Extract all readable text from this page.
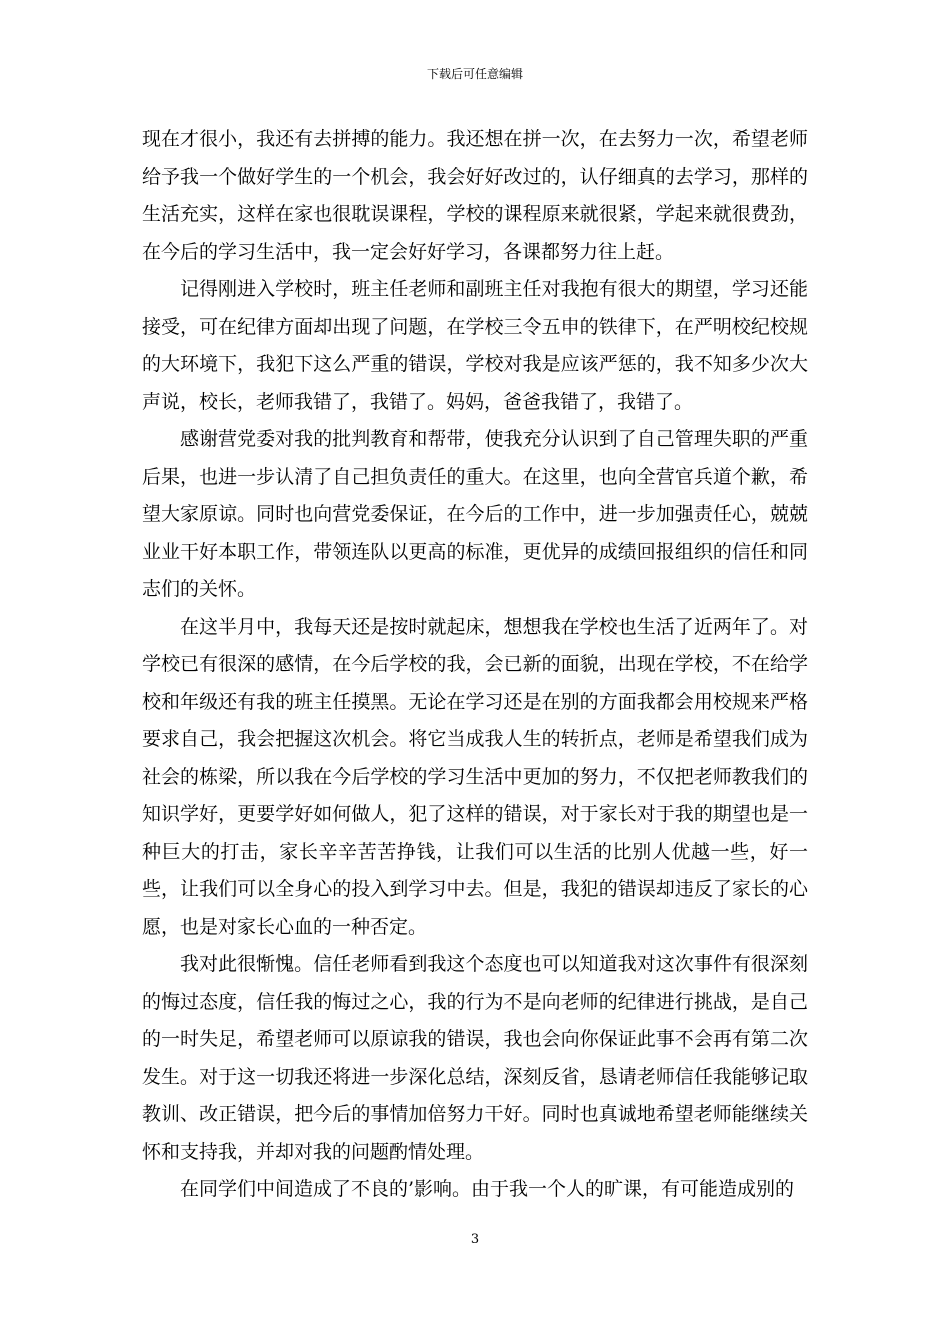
下载后可任意编辑

现在才很小，我还有去拼搏的能力。我还想在拼一次，在去努力一次，希望老师给予我一个做好学生的一个机会，我会好好改过的，认仔细真的去学习，那样的生活充实，这样在家也很耽误课程，学校的课程原来就很紧，学起来就很费劲，在今后的学习生活中，我一定会好好学习，各课都努力往上赶。

记得刚进入学校时，班主任老师和副班主任对我抱有很大的期望，学习还能接受，可在纪律方面却出现了问题，在学校三令五申的铁律下，在严明校纪校规的大环境下，我犯下这么严重的错误，学校对我是应该严惩的，我不知多少次大声说，校长，老师我错了，我错了。妈妈，爸爸我错了，我错了。

感谢营党委对我的批判教育和帮带，使我充分认识到了自己管理失职的严重后果，也进一步认清了自己担负责任的重大。在这里，也向全营官兵道个歉，希望大家原谅。同时也向营党委保证，在今后的工作中，进一步加强责任心，兢兢业业干好本职工作，带领连队以更高的标准，更优异的成绩回报组织的信任和同志们的关怀。

在这半月中，我每天还是按时就起床，想想我在学校也生活了近两年了。对学校已有很深的感情，在今后学校的我，会已新的面貌，出现在学校，不在给学校和年级还有我的班主任摸黑。无论在学习还是在别的方面我都会用校规来严格要求自己，我会把握这次机会。将它当成我人生的转折点，老师是希望我们成为社会的栋梁，所以我在今后学校的学习生活中更加的努力，不仅把老师教我们的知识学好，更要学好如何做人，犯了这样的错误，对于家长对于我的期望也是一种巨大的打击，家长辛辛苦苦挣钱，让我们可以生活的比别人优越一些，好一些，让我们可以全身心的投入到学习中去。但是，我犯的错误却违反了家长的心愿，也是对家长心血的一种否定。

我对此很惭愧。信任老师看到我这个态度也可以知道我对这次事件有很深刻的悔过态度，信任我的悔过之心，我的行为不是向老师的纪律进行挑战，是自己的一时失足，希望老师可以原谅我的错误，我也会向你保证此事不会再有第二次发生。对于这一切我还将进一步深化总结，深刻反省，恳请老师信任我能够记取教训、改正错误，把今后的事情加倍努力干好。同时也真诚地希望老师能继续关怀和支持我，并却对我的问题酌情处理。

在同学们中间造成了不良的’影响。由于我一个人的旷课，有可能造成别的

3
